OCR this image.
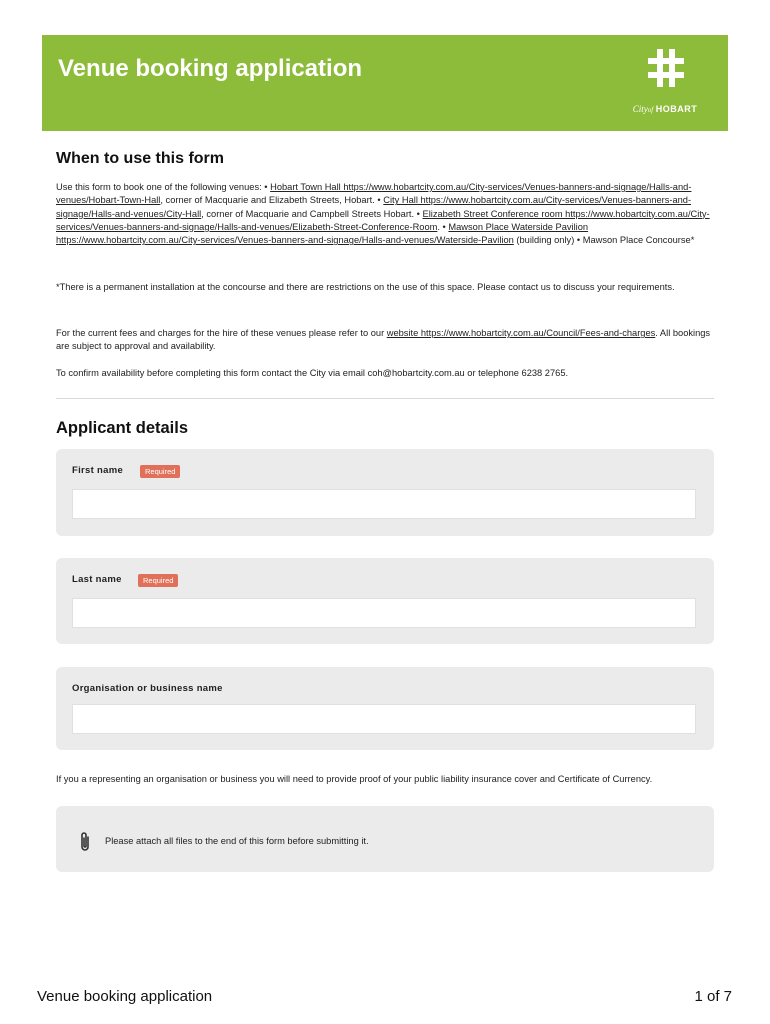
Venue booking application
Cityof HOBART
When to use this form

Use this form to book one of the following venues: • Hobart Town Hall https://www.hobartcity.com.au/City-services/Venues-banners-and-signage/Halls-and-venues/Hobart-Town-Hall, corner of Macquarie and Elizabeth Streets, Hobart. • City Hall https://www.hobartcity.com.au/City-services/Venues-banners-and-signage/Halls-and-venues/City-Hall, corner of Macquarie and Campbell Streets Hobart. • Elizabeth Street Conference room https://www.hobartcity.com.au/City-services/Venues-banners-and-signage/Halls-and-venues/Elizabeth-Street-Conference-Room. • Mawson Place Waterside Pavilion https://www.hobartcity.com.au/City-services/Venues-banners-and-signage/Halls-and-venues/Waterside-Pavilion (building only) • Mawson Place Concourse*

*There is a permanent installation at the concourse and there are restrictions on the use of this space. Please contact us to discuss your requirements.

For the current fees and charges for the hire of these venues please refer to our website https://www.hobartcity.com.au/Council/Fees-and-charges. All bookings are subject to approval and availability.

To confirm availability before completing this form contact the City via email coh@hobartcity.com.au or telephone 6238 2765.

Applicant details
First name	Required
Last name	Required
Organisation or business name

If you a representing an organisation or business you will need to provide proof of your public liability insurance cover and Certificate of Currency.

Please attach all files to the end of this form before submitting it.
Venue booking application	1 of 7
